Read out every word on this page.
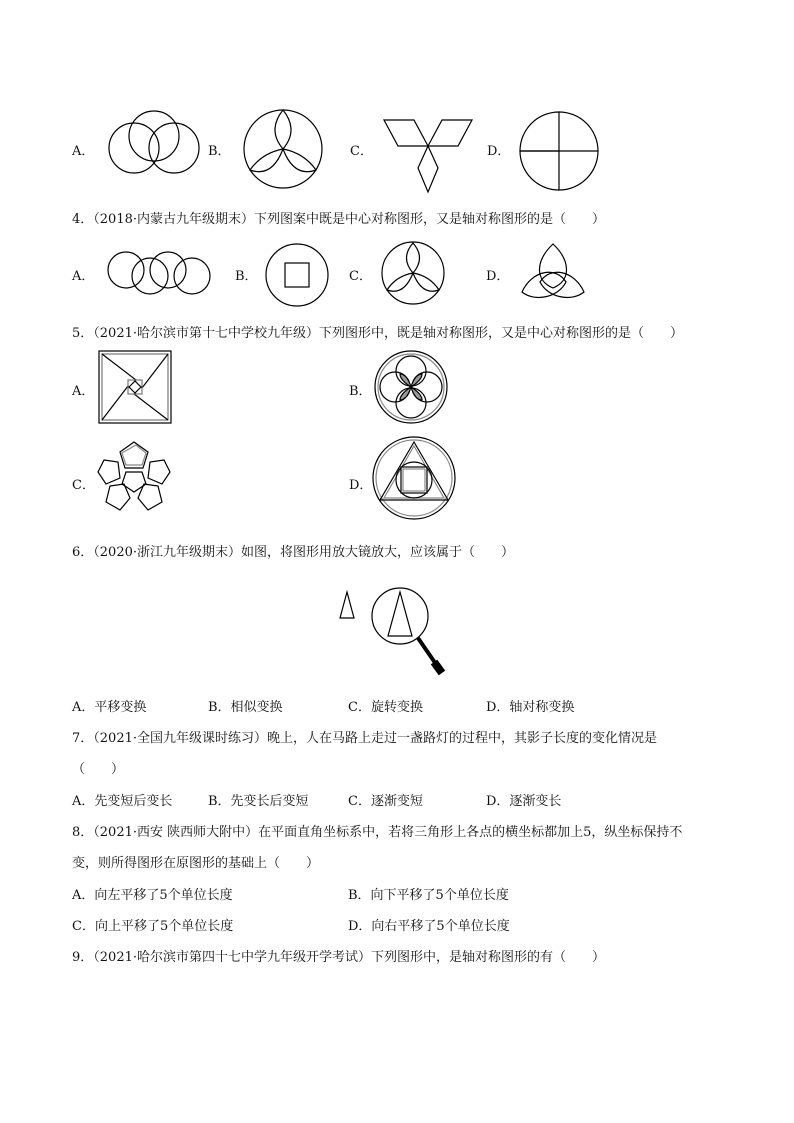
A．	B．	C．	D．
4．（2018·内蒙古九年级期末）下列图案中既是中心对称图形，又是轴对称图形的是（　　）
A．	B．	C．	D．
5．（2021·哈尔滨市第十七中学校九年级）下列图形中，既是轴对称图形，又是中心对称图形的是（　　）
A．	B．
C．	D．
6．（2020·浙江九年级期末）如图，将图形用放大镜放大，应该属于（　　）
A．平移变换	B．相似变换	C．旋转变换	D．轴对称变换
7．（2021·全国九年级课时练习）晚上，人在马路上走过一盏路灯的过程中，其影子长度的变化情况是
（　　）
A．先变短后变长	B．先变长后变短	C．逐渐变短	D．逐渐变长
8．（2021·西安 陕西师大附中）在平面直角坐标系中，若将三角形上各点的横坐标都加上5，纵坐标保持不
变，则所得图形在原图形的基础上（　　）
A．向左平移了5个单位长度	B．向下平移了5个单位长度
C．向上平移了5个单位长度	D．向右平移了5个单位长度
9．（2021·哈尔滨市第四十七中学九年级开学考试）下列图形中，是轴对称图形的有（　　）
